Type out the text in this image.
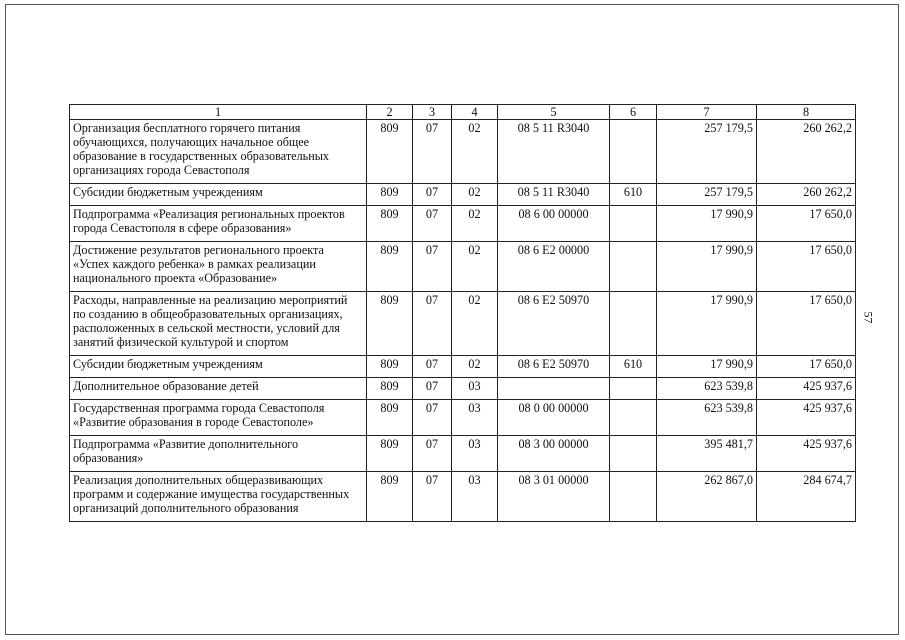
1	2	3	4	5	6	7	8
Организация бесплатного горячего питания обучающихся, получающих начальное общее образование в государственных образовательных организациях города Севастополя	809	07	02	08 5 11 R3040		257 179,5	260 262,2
Субсидии бюджетным учреждениям	809	07	02	08 5 11 R3040	610	257 179,5	260 262,2
Подпрограмма «Реализация региональных проектов города Севастополя в сфере образования»	809	07	02	08 6 00 00000		17 990,9	17 650,0
Достижение результатов регионального проекта «Успех каждого ребенка» в рамках реализации национального проекта «Образование»	809	07	02	08 6 E2 00000		17 990,9	17 650,0
Расходы, направленные на реализацию мероприятий по созданию в общеобразовательных организациях, расположенных в сельской местности, условий для занятий физической культурой и спортом	809	07	02	08 6 E2 50970		17 990,9	17 650,0
Субсидии бюджетным учреждениям	809	07	02	08 6 E2 50970	610	17 990,9	17 650,0
Дополнительное образование детей	809	07	03			623 539,8	425 937,6
Государственная программа города Севастополя «Развитие образования в городе Севастополе»	809	07	03	08 0 00 00000		623 539,8	425 937,6
Подпрограмма «Развитие дополнительного образования»	809	07	03	08 3 00 00000		395 481,7	425 937,6
Реализация дополнительных общеразвивающих программ и содержание имущества государственных организаций дополнительного образования	809	07	03	08 3 01 00000		262 867,0	284 674,7
57
